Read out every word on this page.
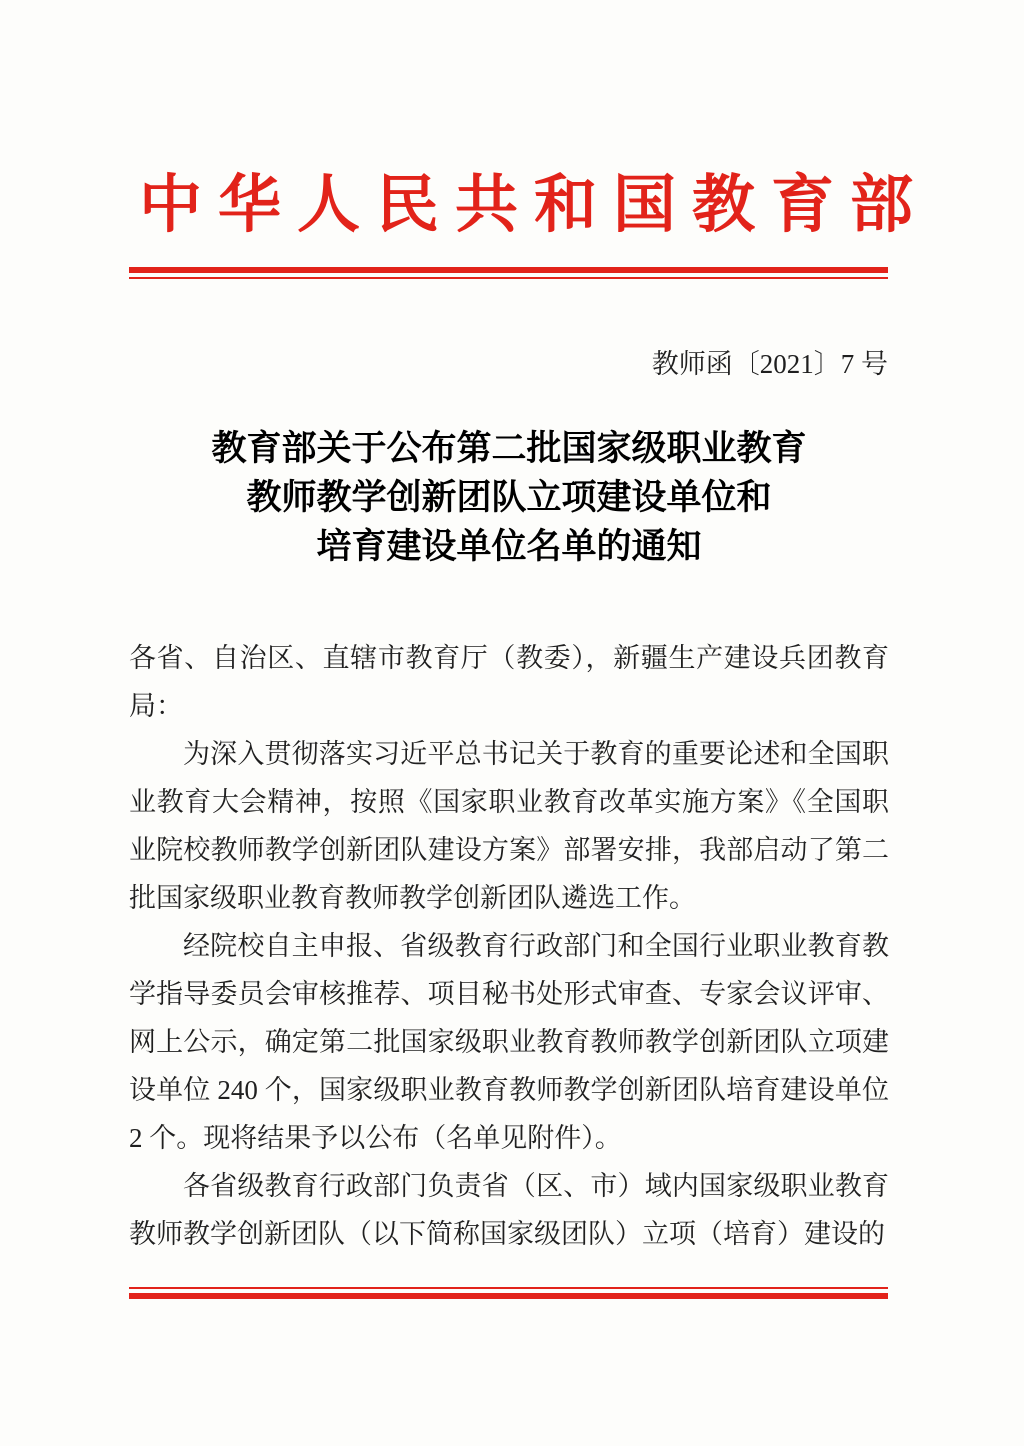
中华人民共和国教育部
教师函〔2021〕7 号
教育部关于公布第二批国家级职业教育
教师教学创新团队立项建设单位和
培育建设单位名单的通知

各省、自治区、直辖市教育厅（教委），新疆生产建设兵团教育局：

为深入贯彻落实习近平总书记关于教育的重要论述和全国职业教育大会精神，按照《国家职业教育改革实施方案》《全国职业院校教师教学创新团队建设方案》部署安排，我部启动了第二批国家级职业教育教师教学创新团队遴选工作。

经院校自主申报、省级教育行政部门和全国行业职业教育教学指导委员会审核推荐、项目秘书处形式审查、专家会议评审、网上公示，确定第二批国家级职业教育教师教学创新团队立项建设单位 240 个，国家级职业教育教师教学创新团队培育建设单位 2 个。现将结果予以公布（名单见附件）。

各省级教育行政部门负责省（区、市）域内国家级职业教育教师教学创新团队（以下简称国家级团队）立项（培育）建设的
